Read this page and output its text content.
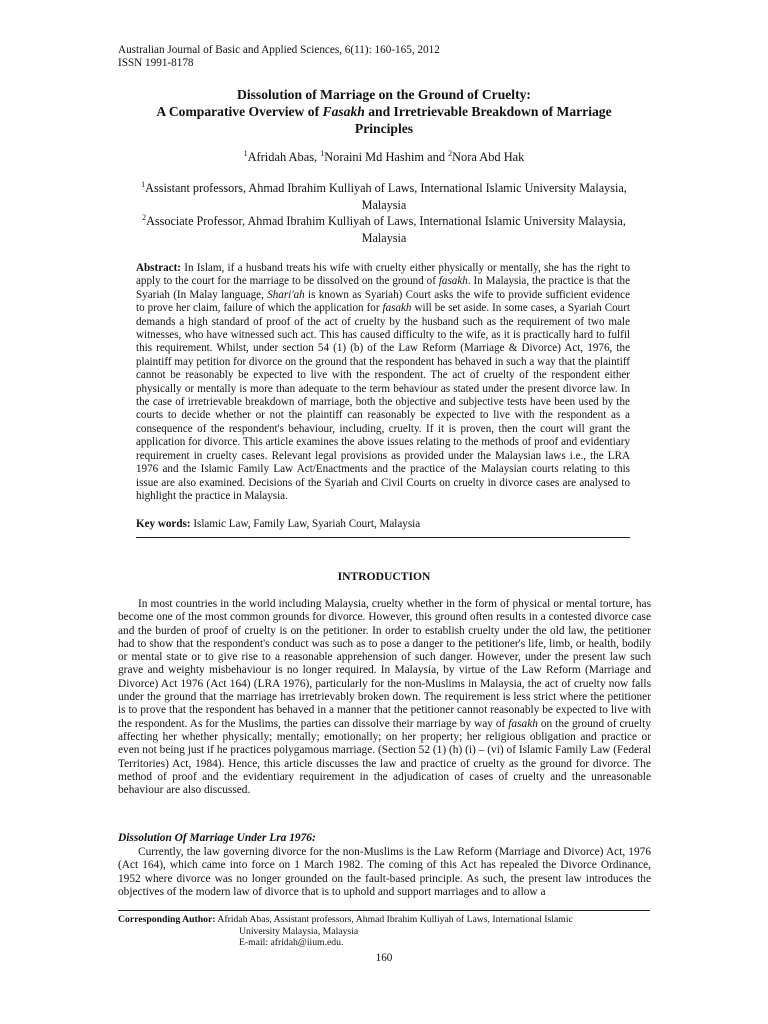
Australian Journal of Basic and Applied Sciences, 6(11): 160-165, 2012
ISSN 1991-8178
Dissolution of Marriage on the Ground of Cruelty:
A Comparative Overview of Fasakh and Irretrievable Breakdown of Marriage
Principles
$^1$Afridah Abas, $^1$Noraini Md Hashim and $^2$Nora Abd Hak
$^1$Assistant professors, Ahmad Ibrahim Kulliyah of Laws, International Islamic University Malaysia,
Malaysia
$^2$Associate Professor, Ahmad Ibrahim Kulliyah of Laws, International Islamic University Malaysia,
Malaysia

Abstract: In Islam, if a husband treats his wife with cruelty either physically or mentally, she has the right to apply to the court for the marriage to be dissolved on the ground of fasakh. In Malaysia, the practice is that the Syariah (In Malay language, Shari'ah is known as Syariah) Court asks the wife to provide sufficient evidence to prove her claim, failure of which the application for fasakh will be set aside. In some cases, a Syariah Court demands a high standard of proof of the act of cruelty by the husband such as the requirement of two male witnesses, who have witnessed such act. This has caused difficulty to the wife, as it is practically hard to fulfil this requirement. Whilst, under section 54 (1) (b) of the Law Reform (Marriage & Divorce) Act, 1976, the plaintiff may petition for divorce on the ground that the respondent has behaved in such a way that the plaintiff cannot be reasonably be expected to live with the respondent. The act of cruelty of the respondent either physically or mentally is more than adequate to the term behaviour as stated under the present divorce law. In the case of irretrievable breakdown of marriage, both the objective and subjective tests have been used by the courts to decide whether or not the plaintiff can reasonably be expected to live with the respondent as a consequence of the respondent's behaviour, including, cruelty. If it is proven, then the court will grant the application for divorce. This article examines the above issues relating to the methods of proof and evidentiary requirement in cruelty cases. Relevant legal provisions as provided under the Malaysian laws i.e., the LRA 1976 and the Islamic Family Law Act/Enactments and the practice of the Malaysian courts relating to this issue are also examined. Decisions of the Syariah and Civil Courts on cruelty in divorce cases are analysed to highlight the practice in Malaysia.

Key words: Islamic Law, Family Law, Syariah Court, Malaysia
INTRODUCTION

In most countries in the world including Malaysia, cruelty whether in the form of physical or mental torture, has become one of the most common grounds for divorce. However, this ground often results in a contested divorce case and the burden of proof of cruelty is on the petitioner. In order to establish cruelty under the old law, the petitioner had to show that the respondent's conduct was such as to pose a danger to the petitioner's life, limb, or health, bodily or mental state or to give rise to a reasonable apprehension of such danger. However, under the present law such grave and weighty misbehaviour is no longer required. In Malaysia, by virtue of the Law Reform (Marriage and Divorce) Act 1976 (Act 164) (LRA 1976), particularly for the non-Muslims in Malaysia, the act of cruelty now falls under the ground that the marriage has irretrievably broken down. The requirement is less strict where the petitioner is to prove that the respondent has behaved in a manner that the petitioner cannot reasonably be expected to live with the respondent. As for the Muslims, the parties can dissolve their marriage by way of fasakh on the ground of cruelty affecting her whether physically; mentally; emotionally; on her property; her religious obligation and practice or even not being just if he practices polygamous marriage. (Section 52 (1) (h) (i) – (vi) of Islamic Family Law (Federal Territories) Act, 1984). Hence, this article discusses the law and practice of cruelty as the ground for divorce. The method of proof and the evidentiary requirement in the adjudication of cases of cruelty and the unreasonable behaviour are also discussed.

Dissolution Of Marriage Under Lra 1976:

Currently, the law governing divorce for the non-Muslims is the Law Reform (Marriage and Divorce) Act, 1976 (Act 164), which came into force on 1 March 1982. The coming of this Act has repealed the Divorce Ordinance, 1952 where divorce was no longer grounded on the fault-based principle. As such, the present law introduces the objectives of the modern law of divorce that is to uphold and support marriages and to allow a

Corresponding Author: Afridah Abas, Assistant professors, Ahmad Ibrahim Kulliyah of Laws, International Islamic
University Malaysia, Malaysia
E-mail: afridah@iium.edu.
160
